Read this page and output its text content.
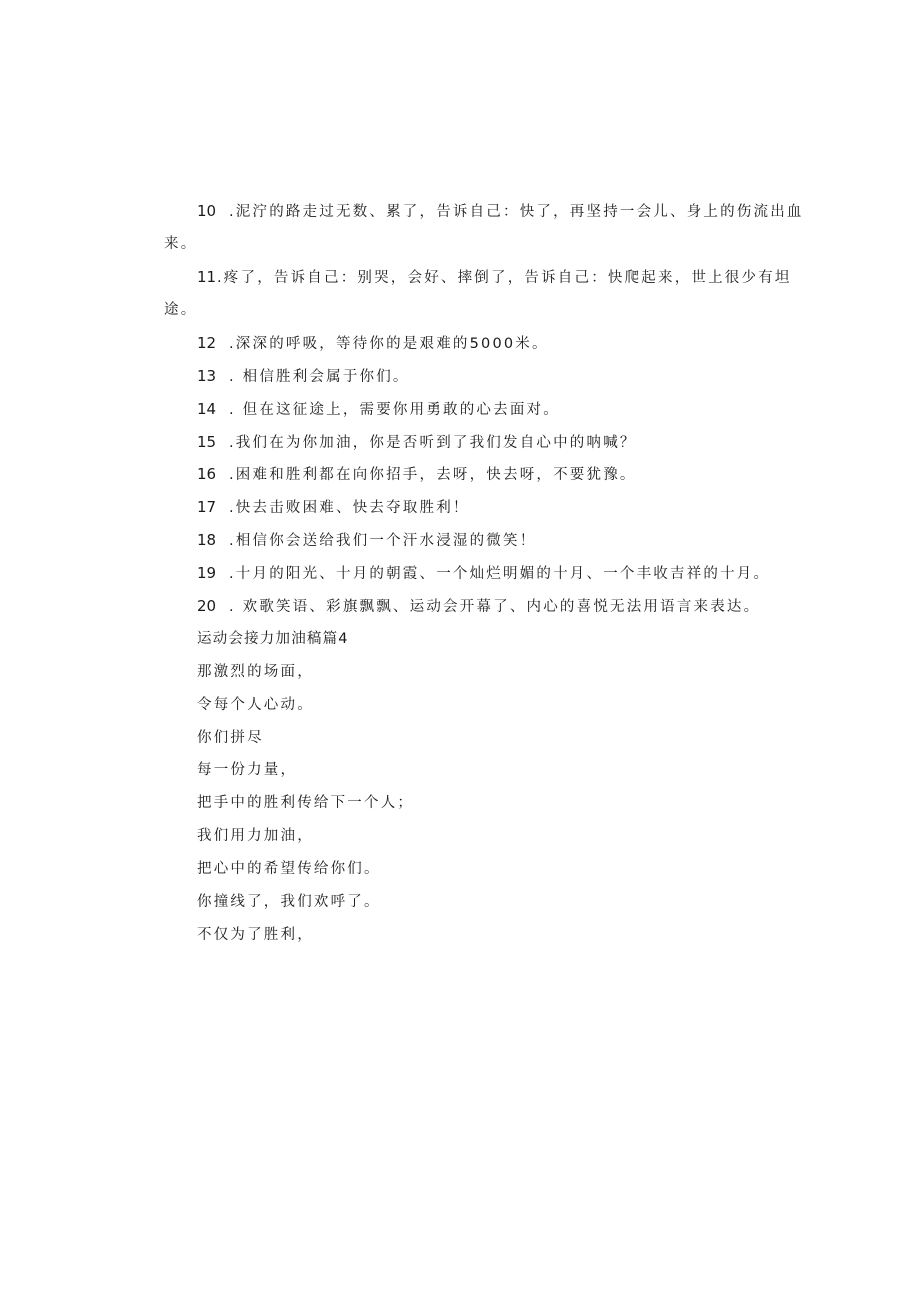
10 .泥泞的路走过无数、累了，告诉自己：快了，再坚持一会儿、身上的伤流出血
来。
11.疼了，告诉自己：别哭，会好、摔倒了，告诉自己：快爬起来，世上很少有坦
途。
12 .深深的呼吸，等待你的是艰难的5000米。
13 . 相信胜利会属于你们。
14 . 但在这征途上，需要你用勇敢的心去面对。
15 .我们在为你加油，你是否听到了我们发自心中的呐喊？
16 .困难和胜利都在向你招手，去呀，快去呀，不要犹豫。
17 .快去击败困难、快去夺取胜利！
18 .相信你会送给我们一个汗水浸湿的微笑！
19 .十月的阳光、十月的朝霞、一个灿烂明媚的十月、一个丰收吉祥的十月。
20 . 欢歌笑语、彩旗飘飘、运动会开幕了、内心的喜悦无法用语言来表达。
运动会接力加油稿篇4
那激烈的场面，
令每个人心动。
你们拼尽
每一份力量，
把手中的胜利传给下一个人；
我们用力加油，
把心中的希望传给你们。
你撞线了，我们欢呼了。
不仅为了胜利，
